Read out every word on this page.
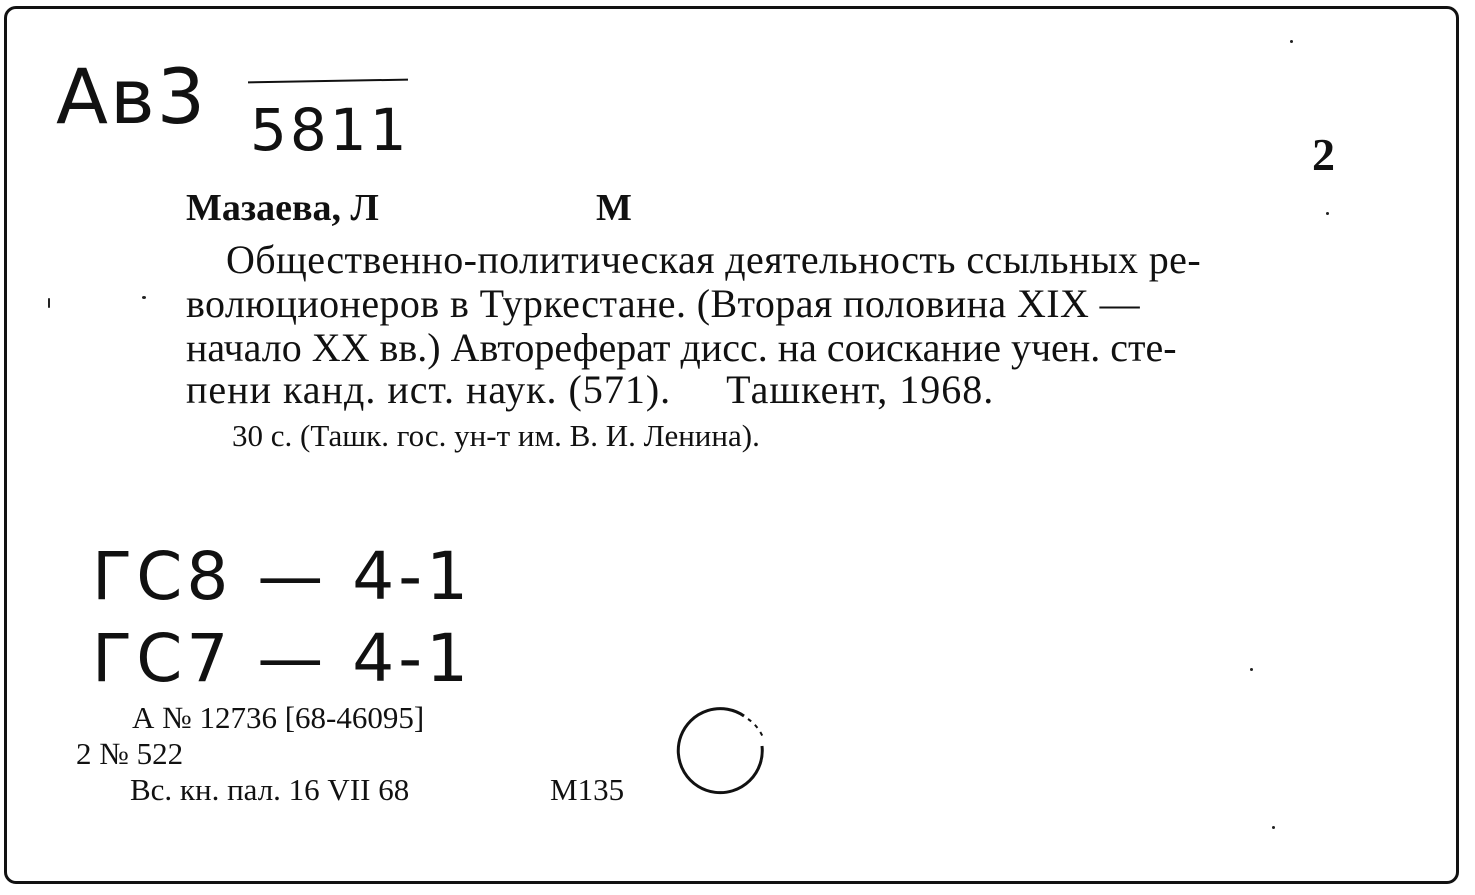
Ав3 5811	2
Мазаева, Л	М
Общественно-политическая деятельность ссыльных ре-
волюционеров в Туркестане. (Вторая половина XIX —
начало XX вв.) Автореферат дисс. на соискание учен. сте-
пени канд. ист. наук. (571).     Ташкент, 1968.
30 с. (Ташк. гос. ун-т им. В. И. Ленина).
ГС8 — 4-1
ГС7 — 4-1
А № 12736 [68-46095]
2 № 522
Вс. кн. пал. 16 VII 68	М135
